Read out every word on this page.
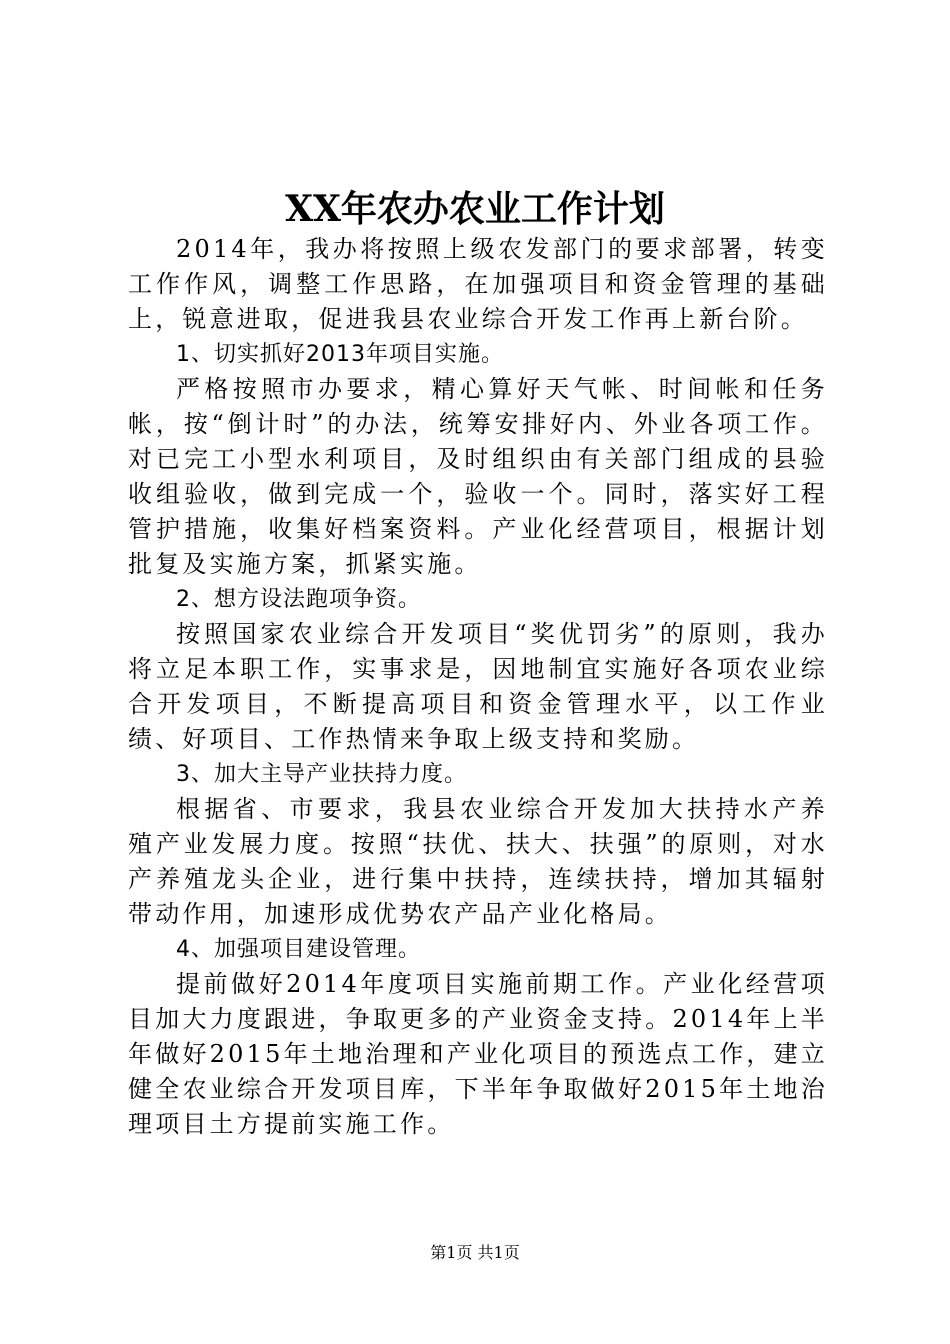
XX年农办农业工作计划

2014年，我办将按照上级农发部门的要求部署，转变工作作风，调整工作思路，在加强项目和资金管理的基础上，锐意进取，促进我县农业综合开发工作再上新台阶。

1、切实抓好2013年项目实施。

严格按照市办要求，精心算好天气帐、时间帐和任务帐，按“倒计时”的办法，统筹安排好内、外业各项工作。对已完工小型水利项目，及时组织由有关部门组成的县验收组验收，做到完成一个，验收一个。同时，落实好工程管护措施，收集好档案资料。产业化经营项目，根据计划批复及实施方案，抓紧实施。

2、想方设法跑项争资。

按照国家农业综合开发项目“奖优罚劣”的原则，我办将立足本职工作，实事求是，因地制宜实施好各项农业综合开发项目，不断提高项目和资金管理水平，以工作业绩、好项目、工作热情来争取上级支持和奖励。

3、加大主导产业扶持力度。

根据省、市要求，我县农业综合开发加大扶持水产养殖产业发展力度。按照“扶优、扶大、扶强”的原则，对水产养殖龙头企业，进行集中扶持，连续扶持，增加其辐射带动作用，加速形成优势农产品产业化格局。

4、加强项目建设管理。

提前做好2014年度项目实施前期工作。产业化经营项目加大力度跟进，争取更多的产业资金支持。2014年上半年做好2015年土地治理和产业化项目的预选点工作，建立健全农业综合开发项目库，下半年争取做好2015年土地治理项目土方提前实施工作。

第1页 共1页
